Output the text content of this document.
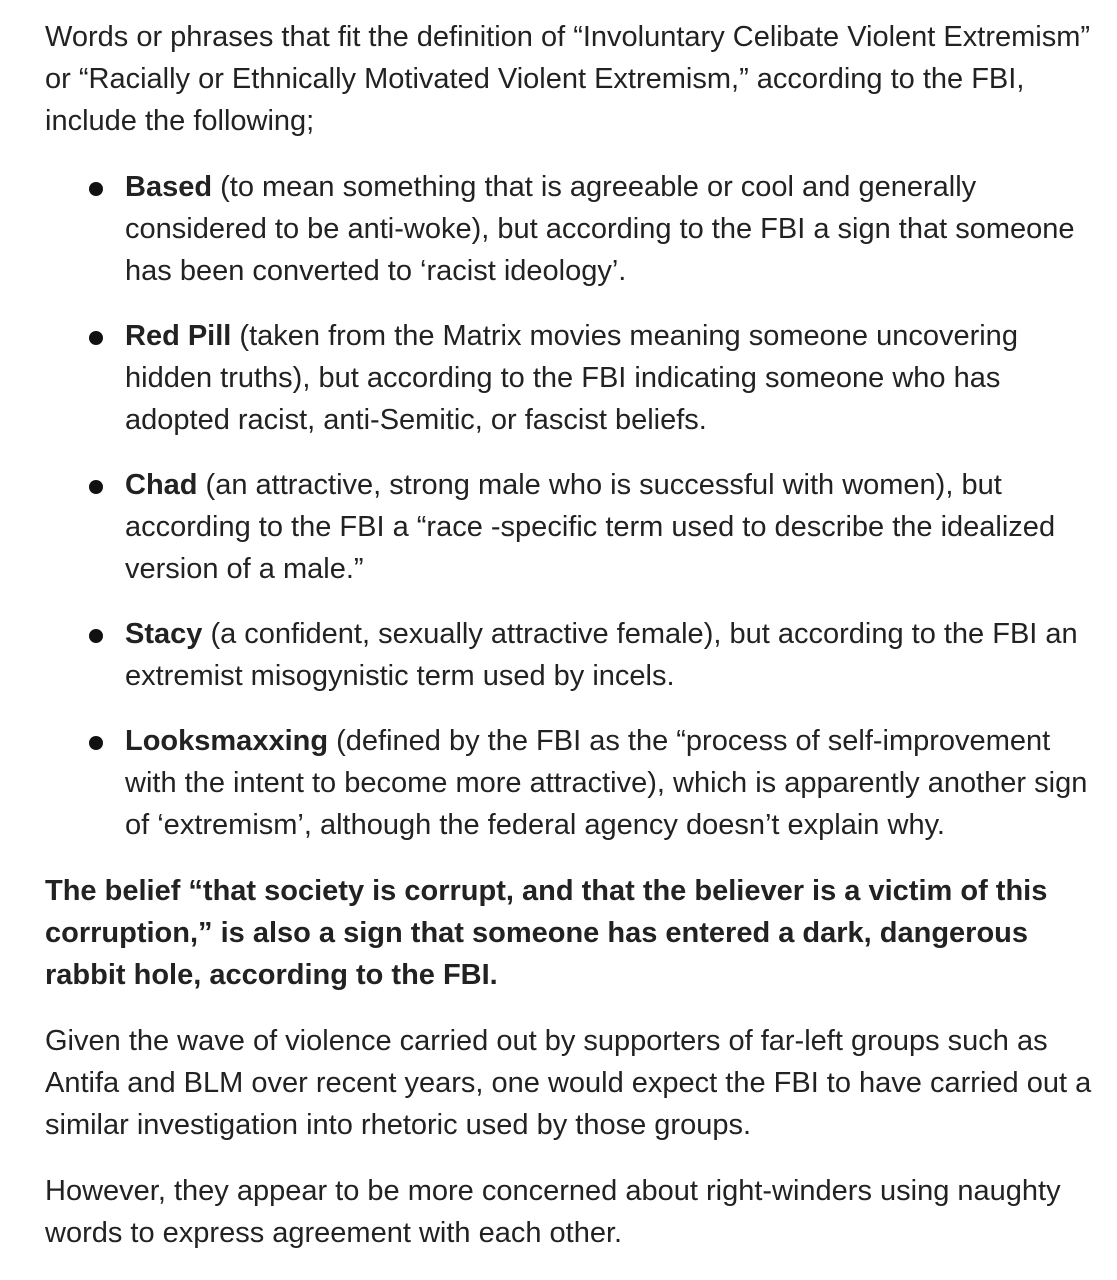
Words or phrases that fit the definition of “Involuntary Celibate Violent Extremism” or “Racially or Ethnically Motivated Violent Extremism,” according to the FBI, include the following;

Based (to mean something that is agreeable or cool and generally considered to be anti-woke), but according to the FBI a sign that someone has been converted to ‘racist ideology’.
Red Pill (taken from the Matrix movies meaning someone uncovering hidden truths), but according to the FBI indicating someone who has adopted racist, anti-Semitic, or fascist beliefs.
Chad (an attractive, strong male who is successful with women), but according to the FBI a “race -specific term used to describe the idealized version of a male.”
Stacy (a confident, sexually attractive female), but according to the FBI an extremist misogynistic term used by incels.
Looksmaxxing (defined by the FBI as the “process of self-improvement with the intent to become more attractive), which is apparently another sign of ‘extremism’, although the federal agency doesn’t explain why.

The belief “that society is corrupt, and that the believer is a victim of this corruption,” is also a sign that someone has entered a dark, dangerous rabbit hole, according to the FBI.

Given the wave of violence carried out by supporters of far-left groups such as Antifa and BLM over recent years, one would expect the FBI to have carried out a similar investigation into rhetoric used by those groups.

However, they appear to be more concerned about right-winders using naughty words to express agreement with each other.
